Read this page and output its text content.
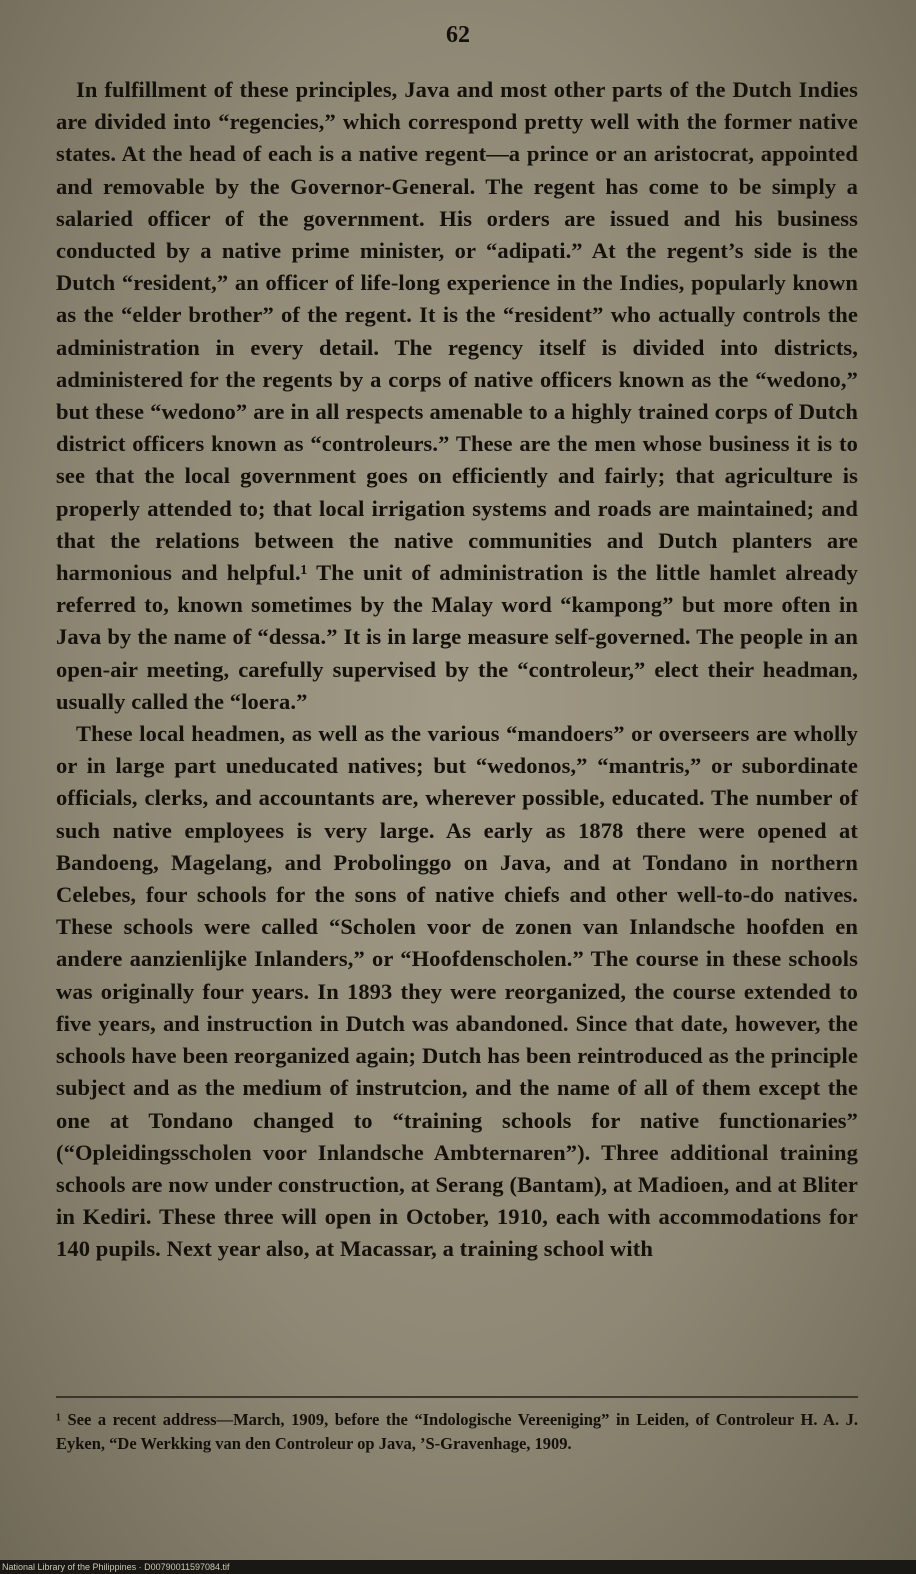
62

In fulfillment of these principles, Java and most other parts of the Dutch Indies are divided into “regencies,” which correspond pretty well with the former native states. At the head of each is a native regent—a prince or an aristocrat, appointed and removable by the Governor-General. The regent has come to be simply a salaried officer of the government. His orders are issued and his business conducted by a native prime minister, or “adipati.” At the regent’s side is the Dutch “resident,” an officer of life-long experience in the Indies, popularly known as the “elder brother” of the regent. It is the “resident” who actually controls the administration in every detail. The regency itself is divided into districts, administered for the regents by a corps of native officers known as the “wedono,” but these “wedono” are in all respects amenable to a highly trained corps of Dutch district officers known as “controleurs.” These are the men whose business it is to see that the local government goes on efficiently and fairly; that agriculture is properly attended to; that local irrigation systems and roads are maintained; and that the relations between the native communities and Dutch planters are harmonious and helpful.¹ The unit of administration is the little hamlet already referred to, known sometimes by the Malay word “kampong” but more often in Java by the name of “dessa.” It is in large measure self-governed. The people in an open-air meeting, carefully supervised by the “controleur,” elect their headman, usually called the “loera.”

These local headmen, as well as the various “mandoers” or overseers are wholly or in large part uneducated natives; but “wedonos,” “mantris,” or subordinate officials, clerks, and accountants are, wherever possible, educated. The number of such native employees is very large. As early as 1878 there were opened at Bandoeng, Magelang, and Probolinggo on Java, and at Tondano in northern Celebes, four schools for the sons of native chiefs and other well-to-do natives. These schools were called “Scholen voor de zonen van Inlandsche hoofden en andere aanzienlijke Inlanders,” or “Hoofdenscholen.” The course in these schools was originally four years. In 1893 they were reorganized, the course extended to five years, and instruction in Dutch was abandoned. Since that date, however, the schools have been reorganized again; Dutch has been reintroduced as the principle subject and as the medium of instrutcion, and the name of all of them except the one at Tondano changed to “training schools for native functionaries” (“Opleidingsscholen voor Inlandsche Ambternaren”). Three additional training schools are now under construction, at Serang (Bantam), at Madioen, and at Bliter in Kediri. These three will open in October, 1910, each with accommodations for 140 pupils. Next year also, at Macassar, a training school with

¹ See a recent address—March, 1909, before the “Indologische Vereeniging” in Leiden, of Controleur H. A. J. Eyken, “De Werkking van den Controleur op Java, ’S-Gravenhage, 1909.
National Library of the Philippines · D00790011597084.tif
